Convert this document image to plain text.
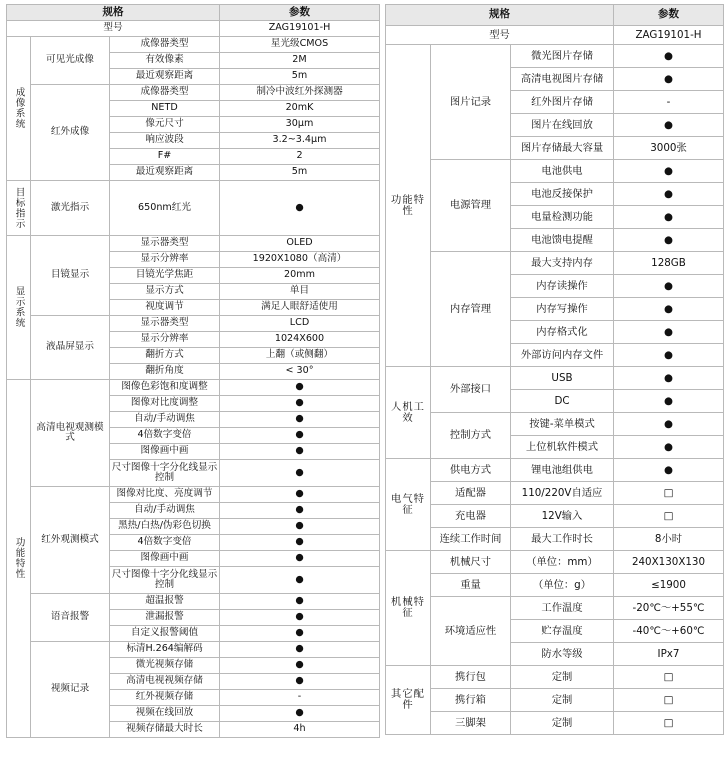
规格			参数
型号			ZAG19101-H
成像系统	可见光成像	成像器类型	星光级CMOS
		有效像素	2M
		最近观察距离	5m
	红外成像	成像器类型	制冷中波红外探测器
		NETD	20mK
		像元尺寸	30μm
		响应波段	3.2~3.4μm
		F#	2
		最近观察距离	5m
目标指示	激光指示	650nm红光	●
显示系统	目镜显示	显示器类型	OLED
		显示分辨率	1920X1080（高清）
		目镜光学焦距	20mm
		显示方式	单目
		视度调节	满足人眼舒适使用
	液晶屏显示	显示器类型	LCD
		显示分辨率	1024X600
		翻折方式	上翻（或侧翻）
		翻折角度	< 30°
功能特性	高清电视观测模式	图像色彩饱和度调整	●
		图像对比度调整	●
		自动/手动调焦	●
		4倍数字变倍	●
		图像画中画	●
		尺寸图像十字分化线显示控制	●
	红外观测模式	图像对比度、亮度调节	●
		自动/手动调焦	●
		黑热/白热/伪彩色切换	●
		4倍数字变倍	●
		图像画中画	●
		尺寸图像十字分化线显示控制	●
	语音报警	超温报警	●
		泄漏报警	●
		自定义报警阈值	●
	视频记录	标清H.264编解码	●
		微光视频存储	●
		高清电视视频存储	●
		红外视频存储	-
		视频在线回放	●
		视频存储最大时长	4h
规格			参数
型号			ZAG19101-H
功能特性	图片记录	微光图片存储	●
		高清电视图片存储	●
		红外图片存储	-
		图片在线回放	●
		图片存储最大容量	3000张
	电源管理	电池供电	●
		电池反接保护	●
		电量检测功能	●
		电池馈电提醒	●
	内存管理	最大支持内存	128GB
		内存读操作	●
		内存写操作	●
		内存格式化	●
		外部访问内存文件	●
人机工效	外部接口	USB	●
		DC	●
	控制方式	按键-菜单模式	●
		上位机软件模式	●
电气特征	供电方式	锂电池组供电	●
	适配器	110/220V自适应	□
	充电器	12V输入	□
	连续工作时间	最大工作时长	8小时
机械特征	机械尺寸	（单位：mm）	240X130X130
	重量	（单位：g）	≤1900
	环境适应性	工作温度	-20℃～+55℃
		贮存温度	-40℃～+60℃
		防水等级	IPx7
其它配件	携行包	定制	□
	携行箱	定制	□
	三脚架	定制	□
